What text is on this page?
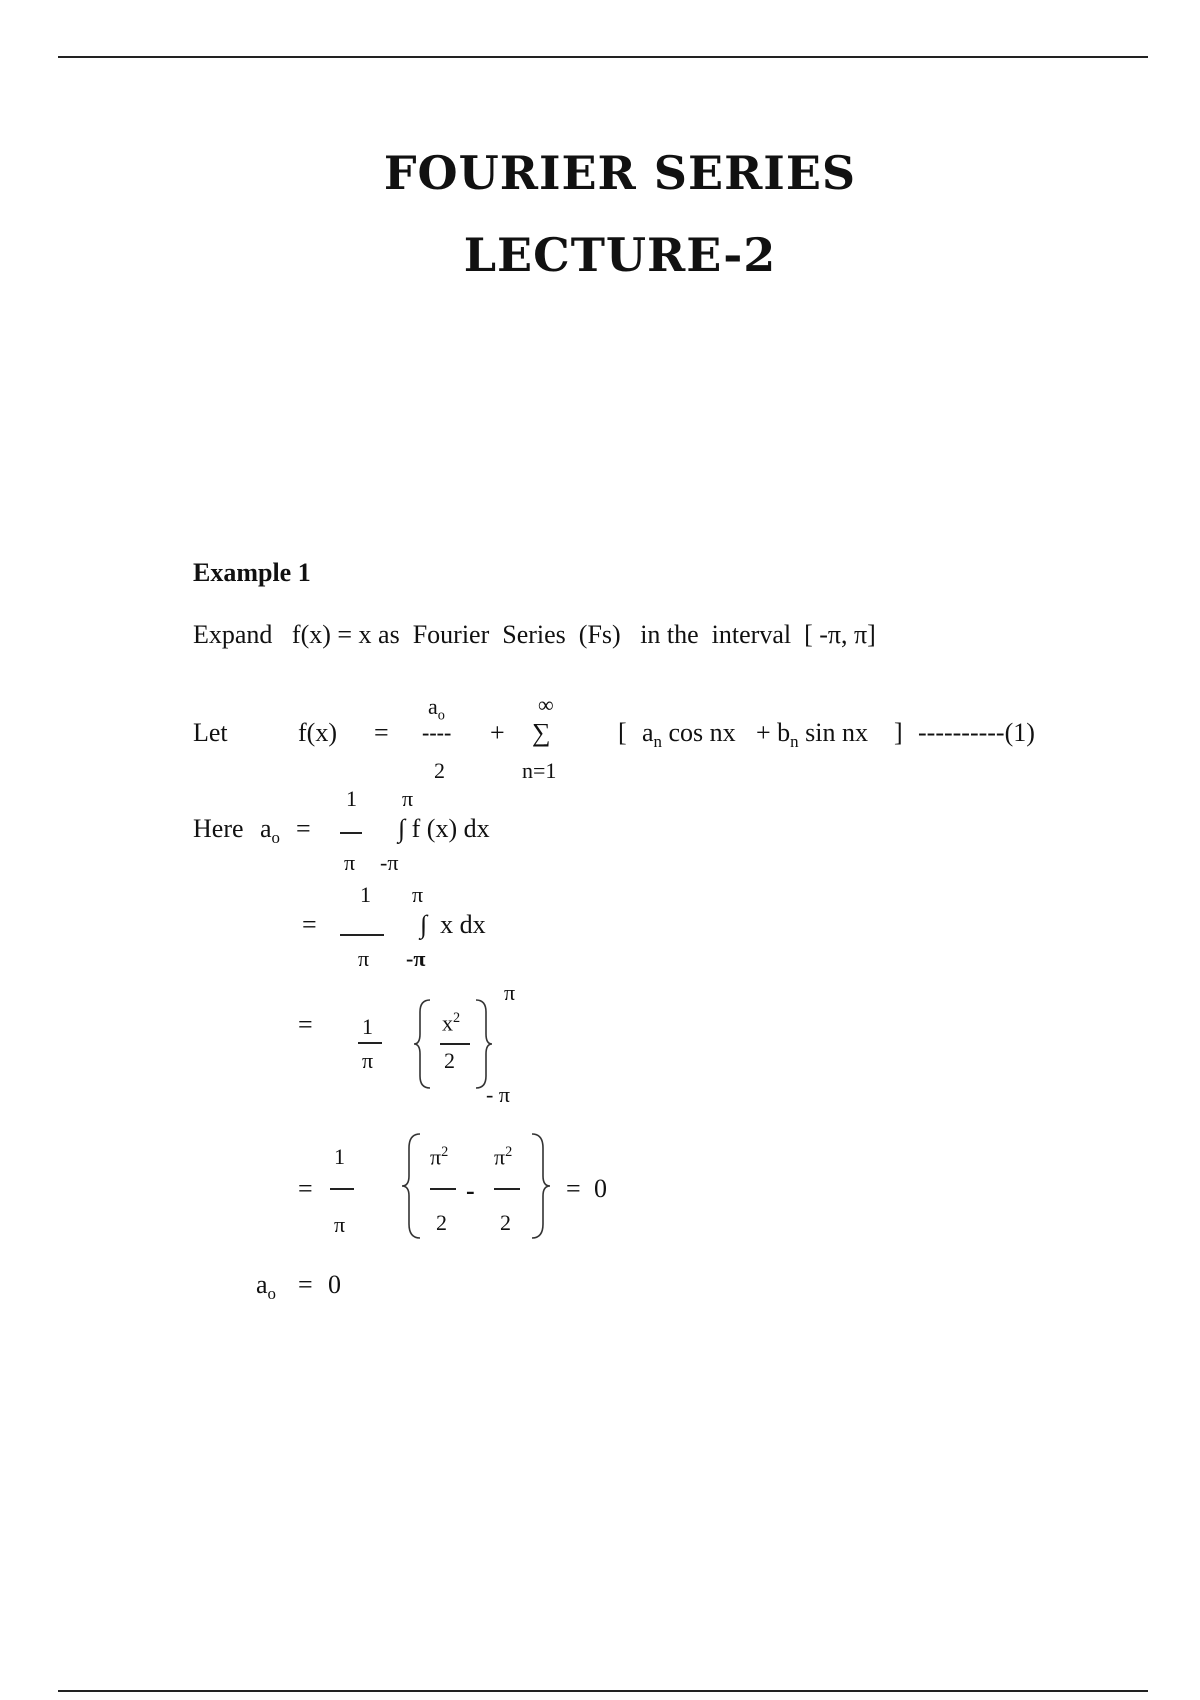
FOURIER SERIES
LECTURE-2
Example 1
Expand   f(x) = x as  Fourier  Series  (Fs)   in the  interval  [ -π, π]
Let	f(x) =
$a_o$
----
2
+
∞
∑
n=1
[ $a_n$ cos nx + $b_n$ sin nx ] ----------(1)
Here $a_o$ =
1
π
π
-π
∫ f (x) dx
=
1
π
π
-π
∫  x dx
= 1
π
$x^2$
2
π
- π
=
1
π
$\pi^2$
2
-
$\pi^2$
2
= 0
$a_o = 0$
